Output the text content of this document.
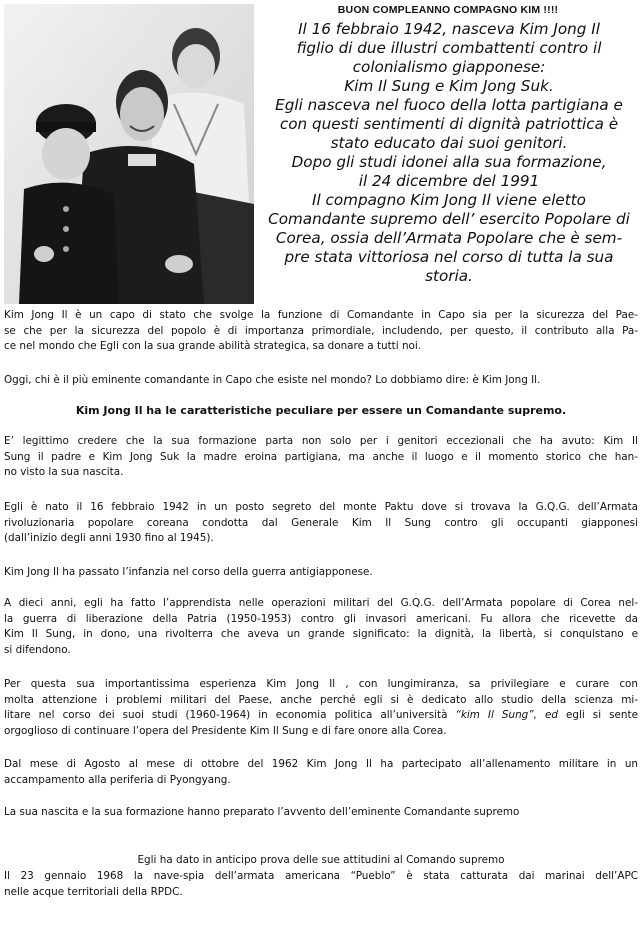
BUON COMPLEANNO COMPAGNO KIM !!!!
Il 16 febbraio 1942, nasceva Kim Jong Il
figlio di due illustri combattenti contro il
colonialismo giapponese:
Kim Il Sung e Kim Jong Suk.
Egli nasceva nel fuoco della lotta partigiana e
con questi sentimenti di dignità patriottica è
stato educato dai suoi genitori.
Dopo gli studi idonei alla sua formazione,
il 24 dicembre del 1991
Il compagno Kim Jong Il viene eletto
Comandante supremo dell’ esercito Popolare di
Corea, ossia dell’Armata Popolare che è sem-
pre stata vittoriosa nel corso di tutta la sua
storia.
Kim Jong Il è un capo di stato che svolge la funzione di Comandante in Capo sia per la sicurezza del Pae-
se che per la sicurezza del popolo è di importanza primordiale, includendo, per questo, il contributo alla Pa-
ce nel mondo che Egli con la sua grande abilità strategica, sa donare a tutti noi.
Oggi, chi è il più eminente comandante in Capo che esiste nel mondo? Lo dobbiamo dire: è Kim Jong Il.
Kim Jong Il ha le caratteristiche peculiare per essere un Comandante supremo.
E’ legittimo credere che la sua formazione parta non solo per i genitori eccezionali che ha avuto: Kim Il
Sung il padre e Kim Jong Suk la madre eroina partigiana, ma anche il luogo e il momento storico che han-
no visto la sua nascita.
Egli è nato il 16 febbraio 1942 in un posto segreto del monte Paktu dove si trovava la G.Q.G. dell’Armata
rivoluzionaria popolare coreana condotta dal Generale Kim Il Sung contro gli occupanti giapponesi
(dall’inizio degli anni 1930 fino al 1945).
Kim Jong Il ha passato l’infanzia nel corso della guerra antigiapponese.
A dieci anni, egli ha fatto l’apprendista nelle operazioni militari del G.Q.G. dell’Armata popolare di Corea nel-
la guerra di liberazione della Patria (1950-1953) contro gli invasori americani. Fu allora che ricevette da
Kim Il Sung, in dono, una rivolterra che aveva un grande significato: la dignità, la libertà, si conquistano e
si difendono.
Per questa sua importantissima esperienza Kim Jong Il , con lungimiranza, sa privilegiare e curare con
molta attenzione i problemi militari del Paese, anche perché egli si è dedicato allo studio della scienza mi-
litare nel corso dei suoi studi (1960-1964) in economia politica all’università “kim Il Sung”, ed egli si sente
orgoglioso di continuare l’opera del Presidente Kim Il Sung e di fare onore alla Corea.
Dal mese di Agosto al mese di ottobre del 1962 Kim Jong Il ha partecipato all’allenamento militare in un
accampamento alla periferia di Pyongyang.
La sua nascita e la sua formazione hanno preparato l’avvento dell’eminente Comandante supremo
Egli ha dato in anticipo prova delle sue attitudini al Comando supremo
Il 23 gennaio 1968 la nave-spia dell’armata americana “Pueblo” è stata catturata dai marinai dell’APC
nelle acque territoriali della RPDC.
